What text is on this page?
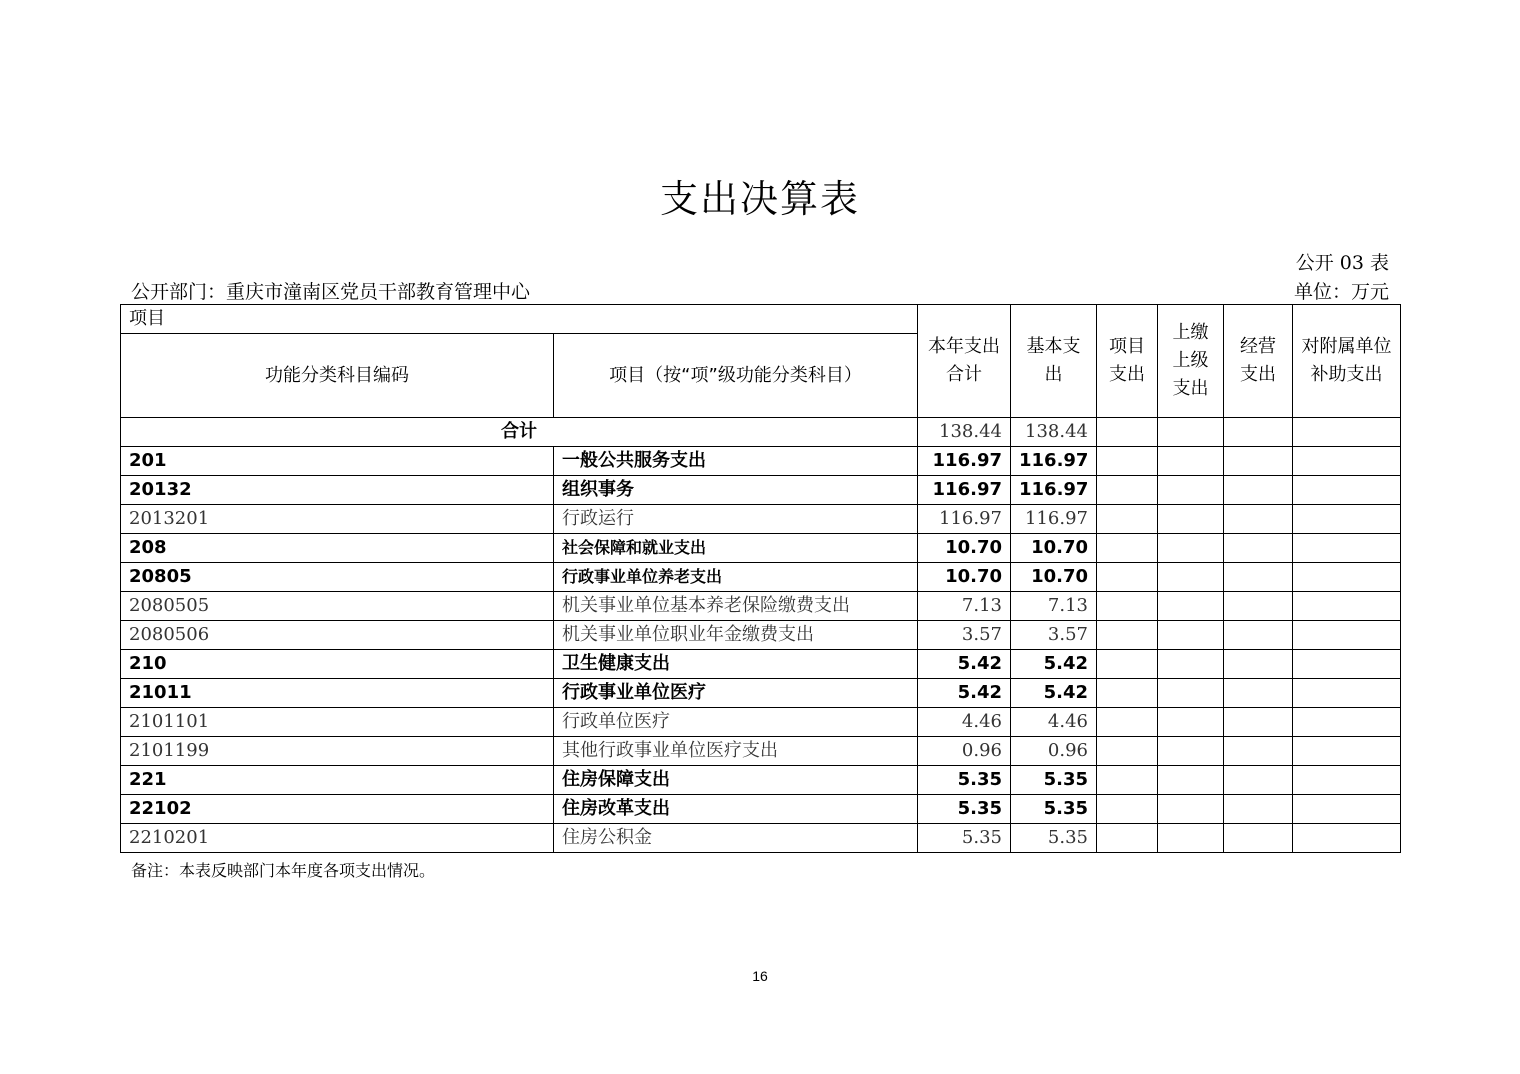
支出决算表
公开 03 表
公开部门：重庆市潼南区党员干部教育管理中心	单位：万元
项目		本年支出合计	基本支出	项目支出	上缴上级支出	经营支出	对附属单位补助支出
功能分类科目编码	项目（按“项”级功能分类科目）						
合计		138.44	138.44				
201	一般公共服务支出	116.97	116.97				
20132	组织事务	116.97	116.97				
2013201	行政运行	116.97	116.97				
208	社会保障和就业支出	10.70	10.70				
20805	行政事业单位养老支出	10.70	10.70				
2080505	机关事业单位基本养老保险缴费支出	7.13	7.13				
2080506	机关事业单位职业年金缴费支出	3.57	3.57				
210	卫生健康支出	5.42	5.42				
21011	行政事业单位医疗	5.42	5.42				
2101101	行政单位医疗	4.46	4.46				
2101199	其他行政事业单位医疗支出	0.96	0.96				
221	住房保障支出	5.35	5.35				
22102	住房改革支出	5.35	5.35				
2210201	住房公积金	5.35	5.35				
备注：本表反映部门本年度各项支出情况。
16
